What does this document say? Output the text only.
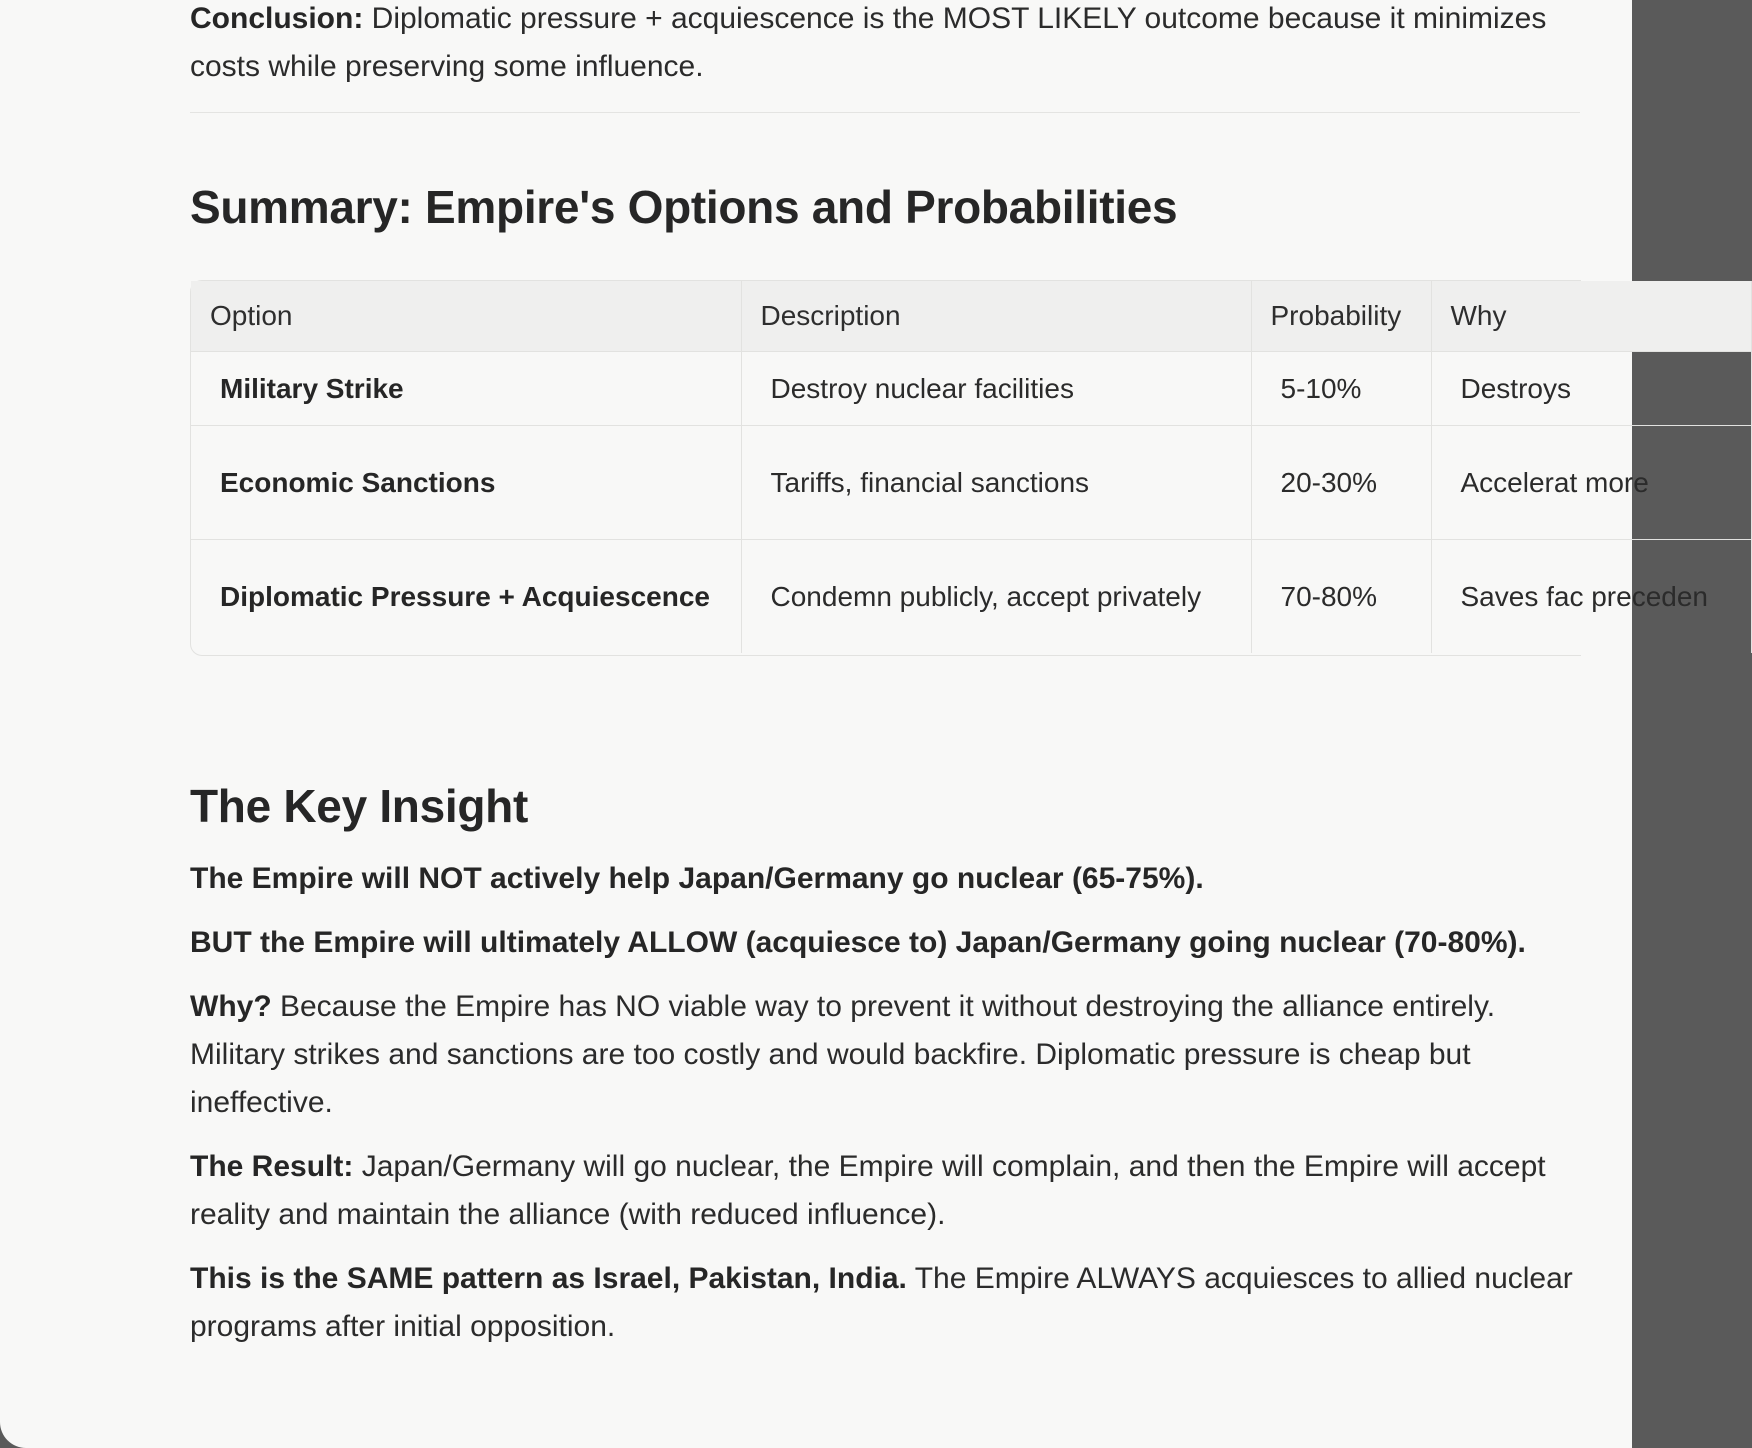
Conclusion: Diplomatic pressure + acquiescence is the MOST LIKELY outcome because it minimizes costs while preserving some influence.

Summary: Empire's Options and Probabilities
Option	Description	Probability	Why
Military Strike	Destroy nuclear facilities	5-10%	Destroys
Economic Sanctions	Tariffs, financial sanctions	20-30%	Accelerat more
Diplomatic Pressure + Acquiescence	Condemn publicly, accept privately	70-80%	Saves fac preceden
The Key Insight

The Empire will NOT actively help Japan/Germany go nuclear (65-75%).

BUT the Empire will ultimately ALLOW (acquiesce to) Japan/Germany going nuclear (70-80%).

Why? Because the Empire has NO viable way to prevent it without destroying the alliance entirely. Military strikes and sanctions are too costly and would backfire. Diplomatic pressure is cheap but ineffective.

The Result: Japan/Germany will go nuclear, the Empire will complain, and then the Empire will accept reality and maintain the alliance (with reduced influence).

This is the SAME pattern as Israel, Pakistan, India. The Empire ALWAYS acquiesces to allied nuclear programs after initial opposition.
